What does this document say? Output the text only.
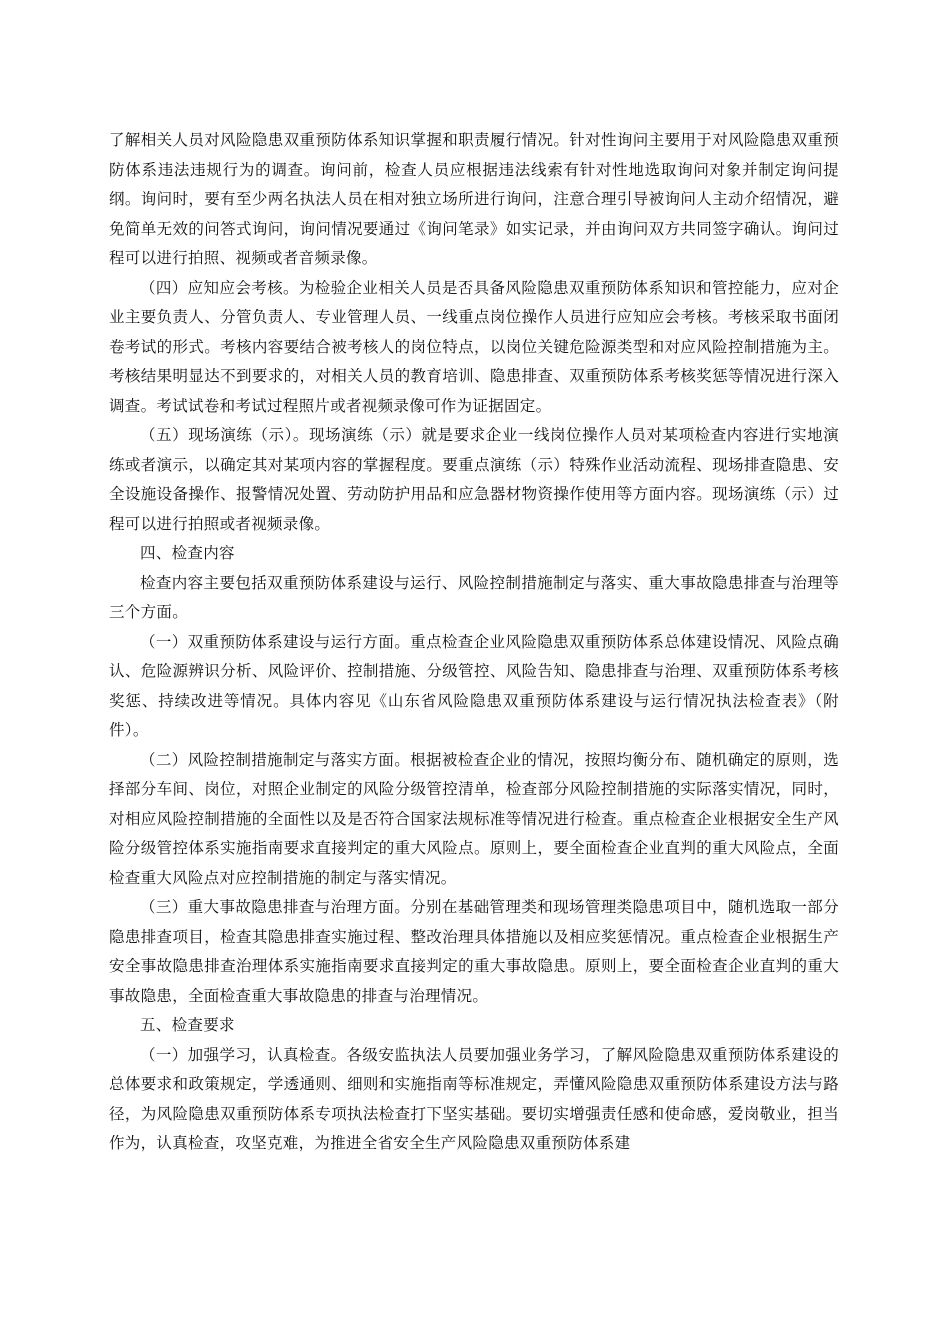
了解相关人员对风险隐患双重预防体系知识掌握和职责履行情况。针对性询问主要用于对风险隐患双重预防体系违法违规行为的调查。询问前，检查人员应根据违法线索有针对性地选取询问对象并制定询问提纲。询问时，要有至少两名执法人员在相对独立场所进行询问，注意合理引导被询问人主动介绍情况，避免简单无效的问答式询问，询问情况要通过《询问笔录》如实记录，并由询问双方共同签字确认。询问过程可以进行拍照、视频或者音频录像。

（四）应知应会考核。为检验企业相关人员是否具备风险隐患双重预防体系知识和管控能力，应对企业主要负责人、分管负责人、专业管理人员、一线重点岗位操作人员进行应知应会考核。考核采取书面闭卷考试的形式。考核内容要结合被考核人的岗位特点，以岗位关键危险源类型和对应风险控制措施为主。考核结果明显达不到要求的，对相关人员的教育培训、隐患排查、双重预防体系考核奖惩等情况进行深入调查。考试试卷和考试过程照片或者视频录像可作为证据固定。

（五）现场演练（示）。现场演练（示）就是要求企业一线岗位操作人员对某项检查内容进行实地演练或者演示，以确定其对某项内容的掌握程度。要重点演练（示）特殊作业活动流程、现场排查隐患、安全设施设备操作、报警情况处置、劳动防护用品和应急器材物资操作使用等方面内容。现场演练（示）过程可以进行拍照或者视频录像。

四、检查内容

检查内容主要包括双重预防体系建设与运行、风险控制措施制定与落实、重大事故隐患排查与治理等三个方面。

（一）双重预防体系建设与运行方面。重点检查企业风险隐患双重预防体系总体建设情况、风险点确认、危险源辨识分析、风险评价、控制措施、分级管控、风险告知、隐患排查与治理、双重预防体系考核奖惩、持续改进等情况。具体内容见《山东省风险隐患双重预防体系建设与运行情况执法检查表》（附件）。

（二）风险控制措施制定与落实方面。根据被检查企业的情况，按照均衡分布、随机确定的原则，选择部分车间、岗位，对照企业制定的风险分级管控清单，检查部分风险控制措施的实际落实情况，同时，对相应风险控制措施的全面性以及是否符合国家法规标准等情况进行检查。重点检查企业根据安全生产风险分级管控体系实施指南要求直接判定的重大风险点。原则上，要全面检查企业直判的重大风险点，全面检查重大风险点对应控制措施的制定与落实情况。

（三）重大事故隐患排查与治理方面。分别在基础管理类和现场管理类隐患项目中，随机选取一部分隐患排查项目，检查其隐患排查实施过程、整改治理具体措施以及相应奖惩情况。重点检查企业根据生产安全事故隐患排查治理体系实施指南要求直接判定的重大事故隐患。原则上，要全面检查企业直判的重大事故隐患，全面检查重大事故隐患的排查与治理情况。

五、检查要求

（一）加强学习，认真检查。各级安监执法人员要加强业务学习，了解风险隐患双重预防体系建设的总体要求和政策规定，学透通则、细则和实施指南等标准规定，弄懂风险隐患双重预防体系建设方法与路径，为风险隐患双重预防体系专项执法检查打下坚实基础。要切实增强责任感和使命感，爱岗敬业，担当作为，认真检查，攻坚克难，为推进全省安全生产风险隐患双重预防体系建
